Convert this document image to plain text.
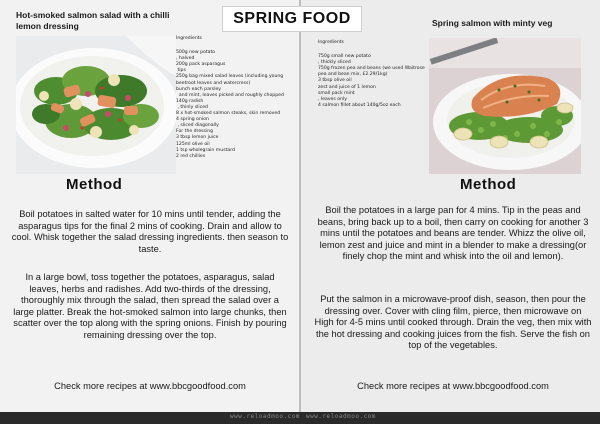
Hot-smoked salmon salad with a chilli lemon dressing
Ingredients
500g new potato
, halved
200g pack asparagus
tips
250g bag mixed salad leaves (including young beetroot leaves and watercress)
bunch each parsley
and mint, leaves picked and roughly chopped
140g radish
, thinly sliced
8 x hot-smoked salmon steaks, skin removed
4 spring onion
, sliced diagonally
For the dressing
3 tbsp lemon juice
125ml olive oil
1 tsp wholegrain mustard
2 red chillies
Method
Boil potatoes in salted water for 10 mins until tender, adding the asparagus tips for the final 2 mins of cooking. Drain and allow to cool. Whisk together the salad dressing ingredients. then season to taste.
In a large bowl, toss together the potatoes, asparagus, salad leaves, herbs and radishes. Add two-thirds of the dressing, thoroughly mix through the salad, then spread the salad over a large platter. Break the hot-smoked salmon into large chunks, then scatter over the top along with the spring onions. Finish by pouring remaining dressing over the top.
Check more recipes at www.bbcgoodfood.com
Ingredients
750g small new potato
, thickly sliced
750g frozen pea and beans (we used Waitrose pea and bean mix, £2.29/1kg)
3 tbsp olive oil
zest and juice of 1 lemon
small pack mint
, leaves only
4 salmon fillet about 140g/5oz each
Spring salmon with minty veg
Method
Boil the potatoes in a large pan for 4 mins. Tip in the peas and beans, bring back up to a boil, then carry on cooking for another 3 mins until the potatoes and beans are tender. Whizz the olive oil, lemon zest and juice and mint in a blender to make a dressing(or finely chop the mint and whisk into the oil and lemon).
Put the salmon in a microwave-proof dish, season, then pour the dressing over. Cover with cling film, pierce, then microwave on High for 4-5 mins until cooked through. Drain the veg, then mix with the hot dressing and cooking juices from the fish. Serve the fish on top of the vegetables.
Check more recipes at www.bbcgoodfood.com
SPRING FOOD
www.reloadmoo.com www.reloadmoo.com
